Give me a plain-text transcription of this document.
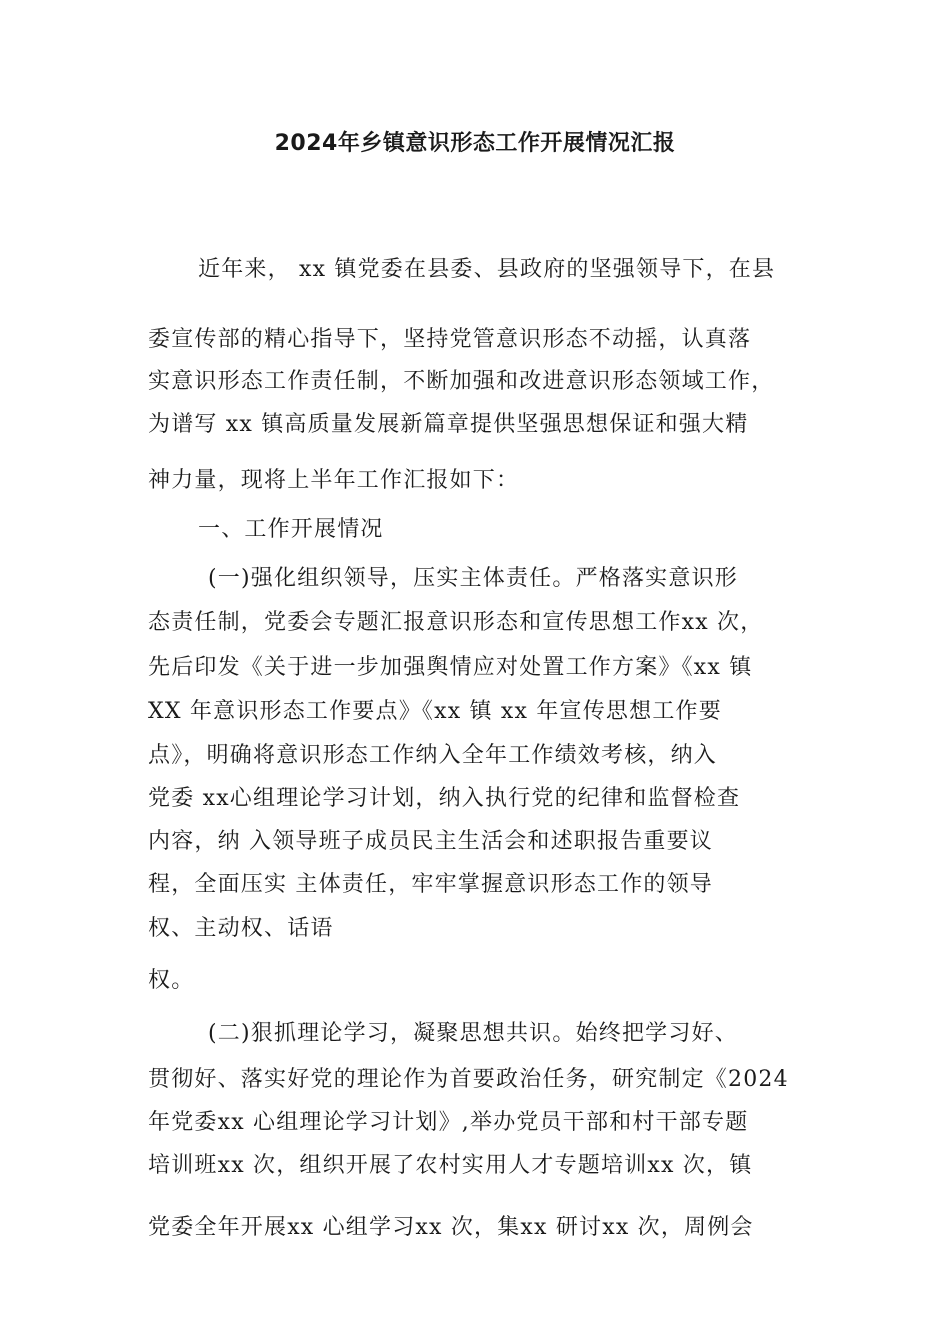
2024年乡镇意识形态工作开展情况汇报
近年来， xx 镇党委在县委、县政府的坚强领导下，在县
委宣传部的精心指导下，坚持党管意识形态不动摇，认真落
实意识形态工作责任制，不断加强和改进意识形态领域工作，
为谱写 xx 镇高质量发展新篇章提供坚强思想保证和强大精
神力量，现将上半年工作汇报如下：
一、工作开展情况
(一)强化组织领导，压实主体责任。严格落实意识形
态责任制，党委会专题汇报意识形态和宣传思想工作xx 次，
先后印发《关于进一步加强舆情应对处置工作方案》《xx 镇
XX 年意识形态工作要点》《xx 镇 xx 年宣传思想工作要
点》，明确将意识形态工作纳入全年工作绩效考核，纳入
党委 xx心组理论学习计划，纳入执行党的纪律和监督检查
内容，纳 入领导班子成员民主生活会和述职报告重要议
程，全面压实 主体责任，牢牢掌握意识形态工作的领导
权、主动权、话语
权。
(二)狠抓理论学习，凝聚思想共识。始终把学习好、
贯彻好、落实好党的理论作为首要政治任务，研究制定《2024
年党委xx 心组理论学习计划》,举办党员干部和村干部专题
培训班xx 次，组织开展了农村实用人才专题培训xx 次，镇
党委全年开展xx 心组学习xx 次，集xx 研讨xx 次，周例会
